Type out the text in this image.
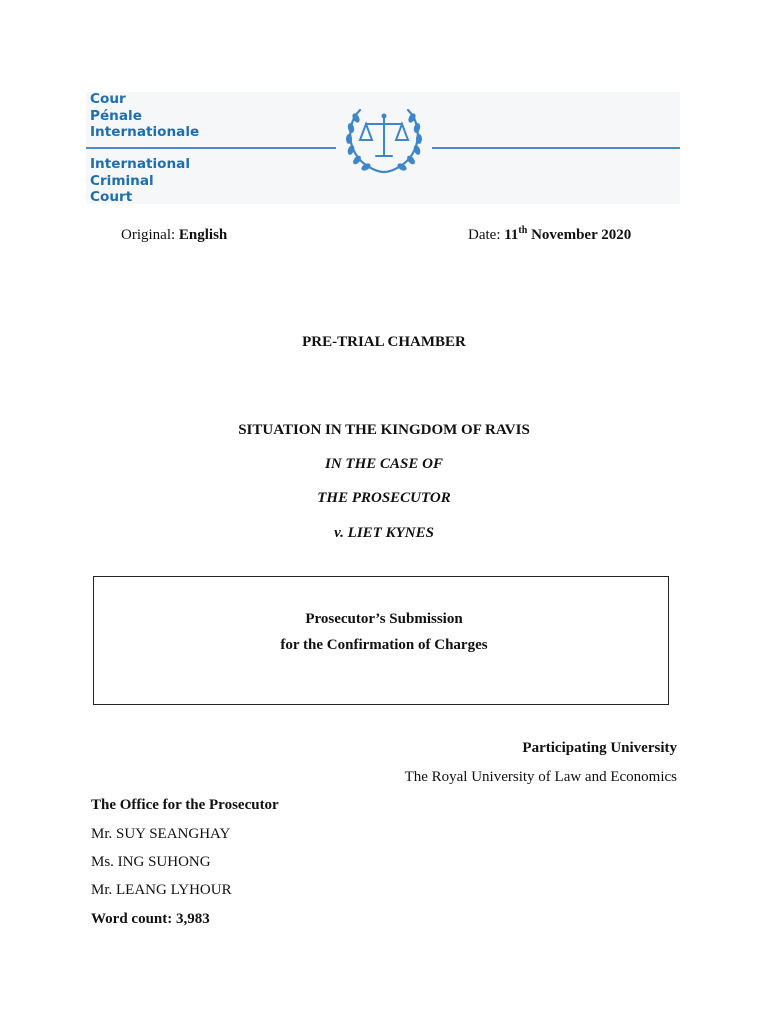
Cour
Pénale
Internationale
International
Criminal
Court
Original: English	Date: 11th November 2020
PRE-TRIAL CHAMBER
SITUATION IN THE KINGDOM OF RAVIS
IN THE CASE OF
THE PROSECUTOR
v. LIET KYNES
Prosecutor’s Submission
for the Confirmation of Charges
Participating University
The Royal University of Law and Economics
The Office for the Prosecutor
Mr. SUY SEANGHAY
Ms. ING SUHONG
Mr. LEANG LYHOUR
Word count: 3,983
